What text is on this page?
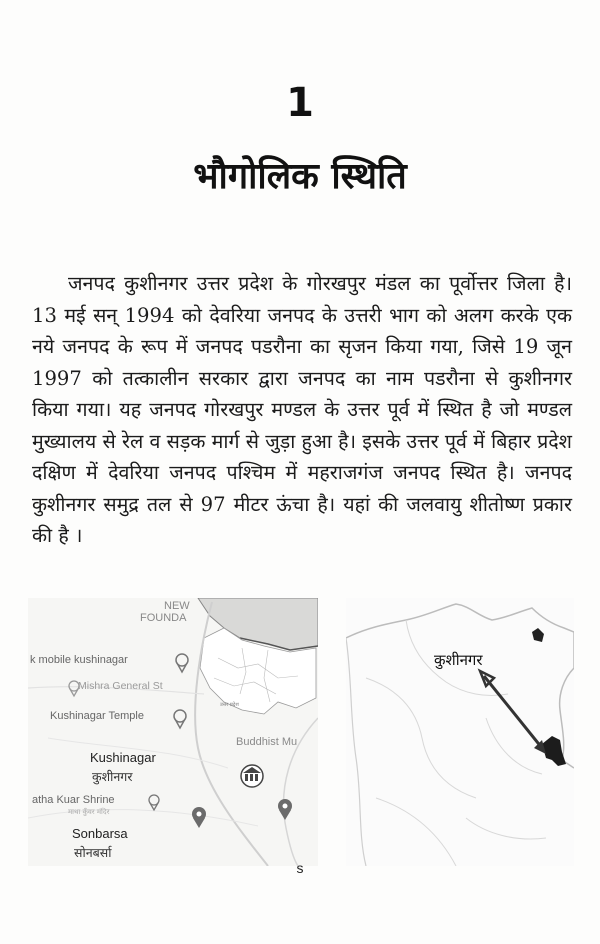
1
भौगोलिक स्थिति
जनपद कुशीनगर उत्तर प्रदेश के गोरखपुर मंडल का पूर्वोत्तर जिला है। 13 मई सन् 1994 को देवरिया जनपद के उत्तरी भाग को अलग करके एक नये जनपद के रूप में जनपद पडरौना का सृजन किया गया, जिसे 19 जून 1997 को तत्कालीन सरकार द्वारा जनपद का नाम पडरौना से कुशीनगर किया गया। यह जनपद गोरखपुर मण्डल के उत्तर पूर्व में स्थित है जो मण्डल मुख्यालय से रेल व सड़क मार्ग से जुड़ा हुआ है। इसके उत्तर पूर्व में बिहार प्रदेश दक्षिण में देवरिया जनपद पश्चिम में महराजगंज जनपद स्थित है। जनपद कुशीनगर समुद्र तल से 97 मीटर ऊंचा है। यहां की जलवायु शीतोष्ण प्रकार की है ।
NEW
FOUNDA
k mobile kushinagar
Mishra General St
Kushinagar Temple
उत्तर प्रदेश
Buddhist Mu
Kushinagar
कुशीनगर
atha Kuar Shrine
माथा कुँवर मंदिर
Sonbarsa
सोनबर्सा
कुशीनगर
s
